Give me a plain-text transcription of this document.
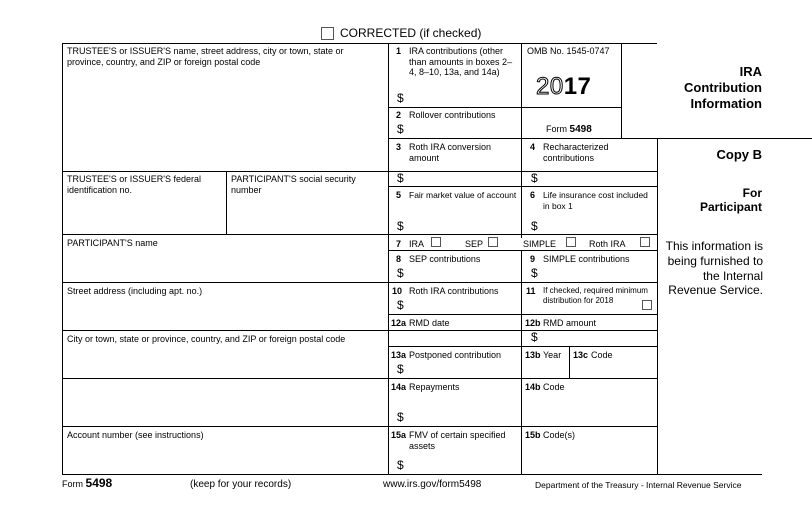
CORRECTED (if checked)
TRUSTEE'S or ISSUER'S name, street address, city or town, state or province, country, and ZIP or foreign postal code
TRUSTEE'S or ISSUER'S federal identification no.
PARTICIPANT'S social security number
PARTICIPANT'S name
Street address (including apt. no.)
City or town, state or province, country, and ZIP or foreign postal code
Account number (see instructions)
1 IRA contributions (other than amounts in boxes 2–4, 8–10, 13a, and 14a)
$
2 Rollover contributions
$
OMB No. 1545-0747
2017
Form 5498
IRA Contribution Information
3 Roth IRA conversion amount
$
4 Recharacterized contributions
$
Copy B
For Participant
This information is being furnished to the Internal Revenue Service.
5 Fair market value of account
$
6 Life insurance cost included in box 1
$
7 IRA	SEP	SIMPLE	Roth IRA
8 SEP contributions
$
9 SIMPLE contributions
$
10 Roth IRA contributions
$
11 If checked, required minimum distribution for 2018
12a RMD date	12b RMD amount
$
13a Postponed contribution
$
13b Year 13c Code
14a Repayments
$
14b Code
15a FMV of certain specified assets
$
15b Code(s)
Form 5498	(keep for your records)	www.irs.gov/form5498	Department of the Treasury - Internal Revenue Service
